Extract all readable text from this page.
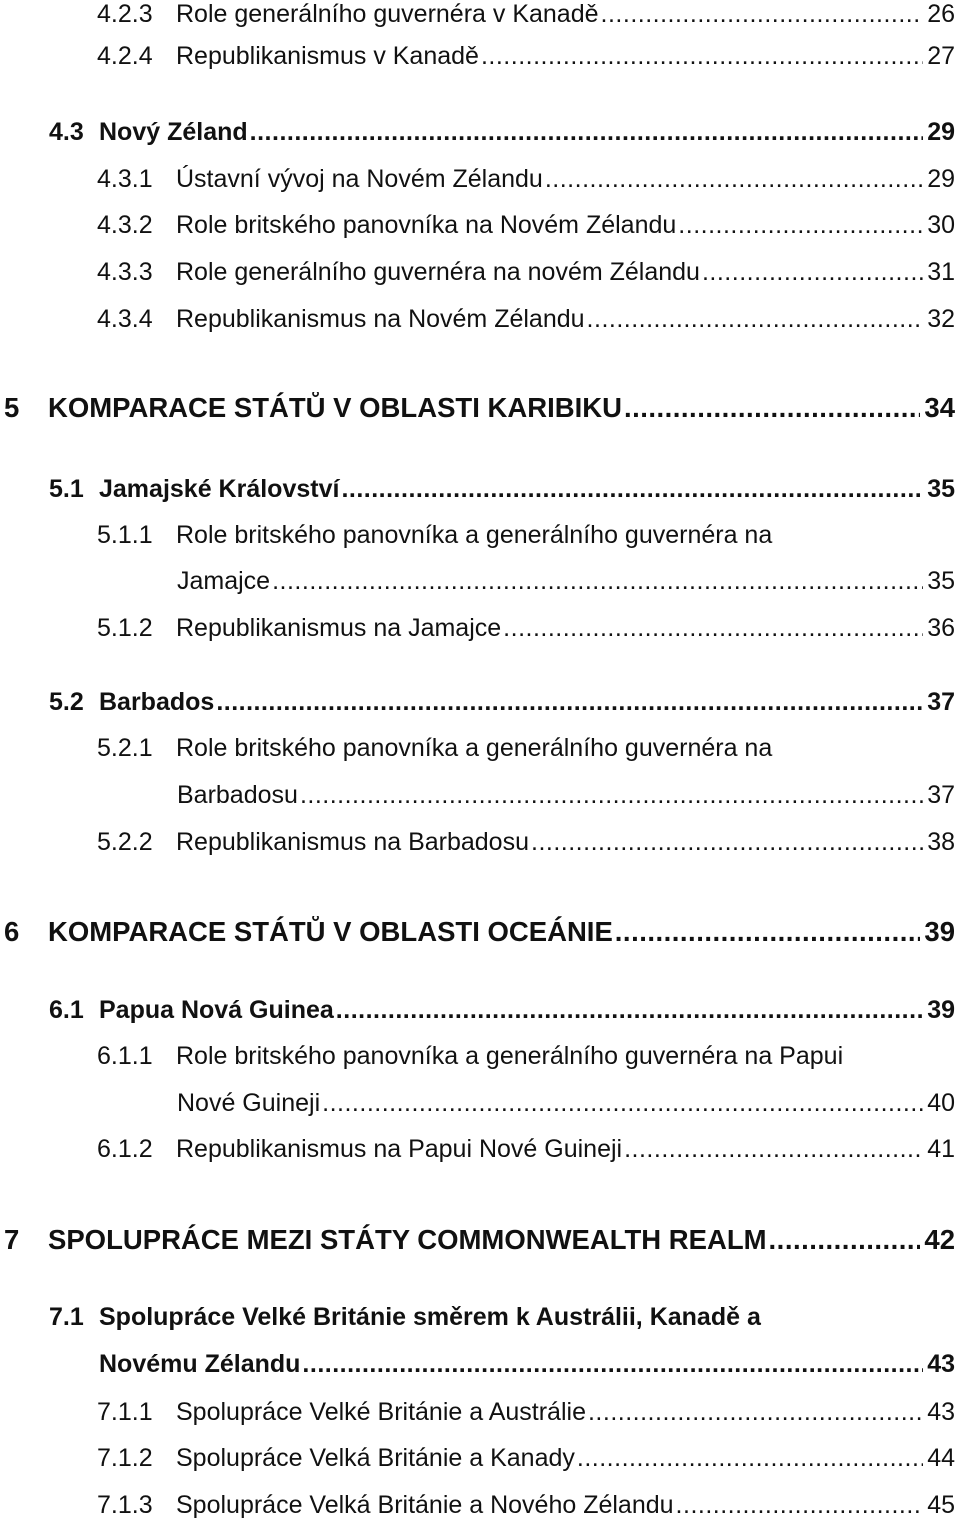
4.2.3 Role generálního guvernéra v Kanadě .....	26
4.2.4 Republikanismus v Kanadě .....	27
4.3 Nový Zéland .....	29
4.3.1 Ústavní vývoj na Novém Zélandu .....	29
4.3.2 Role britského panovníka na Novém Zélandu .....	30
4.3.3 Role generálního guvernéra na novém Zélandu .....	31
4.3.4 Republikanismus na Novém Zélandu .....	32
5	KOMPARACE STÁTŮ V OBLASTI KARIBIKU .....	34
5.1 Jamajské Království .....	35
5.1.1 Role britského panovníka a generálního guvernéra na
Jamajce .....	35
5.1.2 Republikanismus na Jamajce .....	36
5.2 Barbados .....	37
5.2.1 Role britského panovníka a generálního guvernéra na
Barbadosu .....	37
5.2.2 Republikanismus na Barbadosu .....	38
6	KOMPARACE STÁTŮ V OBLASTI OCEÁNIE .....	39
6.1 Papua Nová Guinea .....	39
6.1.1 Role britského panovníka a generálního guvernéra na Papui
Nové Guineji .....	40
6.1.2 Republikanismus na Papui Nové Guineji .....	41
7	SPOLUPRÁCE MEZI STÁTY COMMONWEALTH REALM .....	42
7.1 Spolupráce Velké Británie směrem k Austrálii, Kanadě a
Novému Zélandu .....	43
7.1.1 Spolupráce Velké Británie a Austrálie .....	43
7.1.2 Spolupráce Velká Británie a Kanady .....	44
7.1.3 Spolupráce Velká Británie a Nového Zélandu .....	45
